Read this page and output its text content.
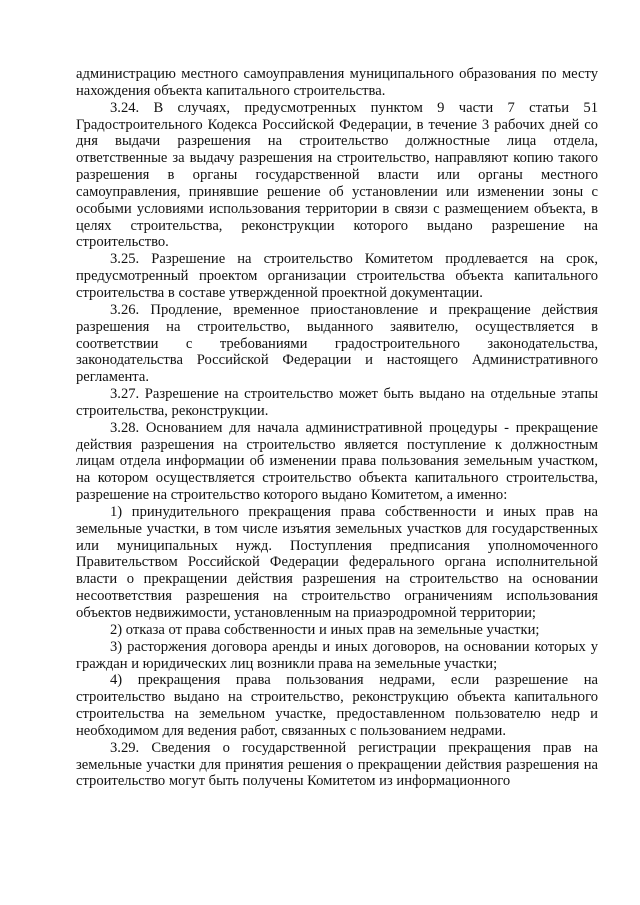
администрацию местного самоуправления муниципального образования по месту нахождения объекта капитального строительства.

3.24. В случаях, предусмотренных пунктом 9 части 7 статьи 51 Градостроительного Кодекса Российской Федерации, в течение 3 рабочих дней со дня выдачи разрешения на строительство должностные лица отдела, ответственные за выдачу разрешения на строительство, направляют копию такого разрешения в органы государственной власти или органы местного самоуправления, принявшие решение об установлении или изменении зоны с особыми условиями использования территории в связи с размещением объекта, в целях строительства, реконструкции которого выдано разрешение на строительство.

3.25. Разрешение на строительство Комитетом продлевается на срок, предусмотренный проектом организации строительства объекта капитального строительства в составе утвержденной проектной документации.

3.26. Продление, временное приостановление и прекращение действия разрешения на строительство, выданного заявителю, осуществляется в соответствии с требованиями градостроительного законодательства, законодательства Российской Федерации и настоящего Административного регламента.

3.27. Разрешение на строительство может быть выдано на отдельные этапы строительства, реконструкции.

3.28. Основанием для начала административной процедуры - прекращение действия разрешения на строительство является поступление к должностным лицам отдела информации об изменении права пользования земельным участком, на котором осуществляется строительство объекта капитального строительства, разрешение на строительство которого выдано Комитетом, а именно:

1) принудительного прекращения права собственности и иных прав на земельные участки, в том числе изъятия земельных участков для государственных или муниципальных нужд. Поступления предписания уполномоченного Правительством Российской Федерации федерального органа исполнительной власти о прекращении действия разрешения на строительство на основании несоответствия разрешения на строительство ограничениям использования объектов недвижимости, установленным на приаэродромной территории;

2) отказа от права собственности и иных прав на земельные участки;

3) расторжения договора аренды и иных договоров, на основании которых у граждан и юридических лиц возникли права на земельные участки;

4) прекращения права пользования недрами, если разрешение на строительство выдано на строительство, реконструкцию объекта капитального строительства на земельном участке, предоставленном пользователю недр и необходимом для ведения работ, связанных с пользованием недрами.

3.29. Сведения о государственной регистрации прекращения прав на земельные участки для принятия решения о прекращении действия разрешения на строительство могут быть получены Комитетом из информационного
